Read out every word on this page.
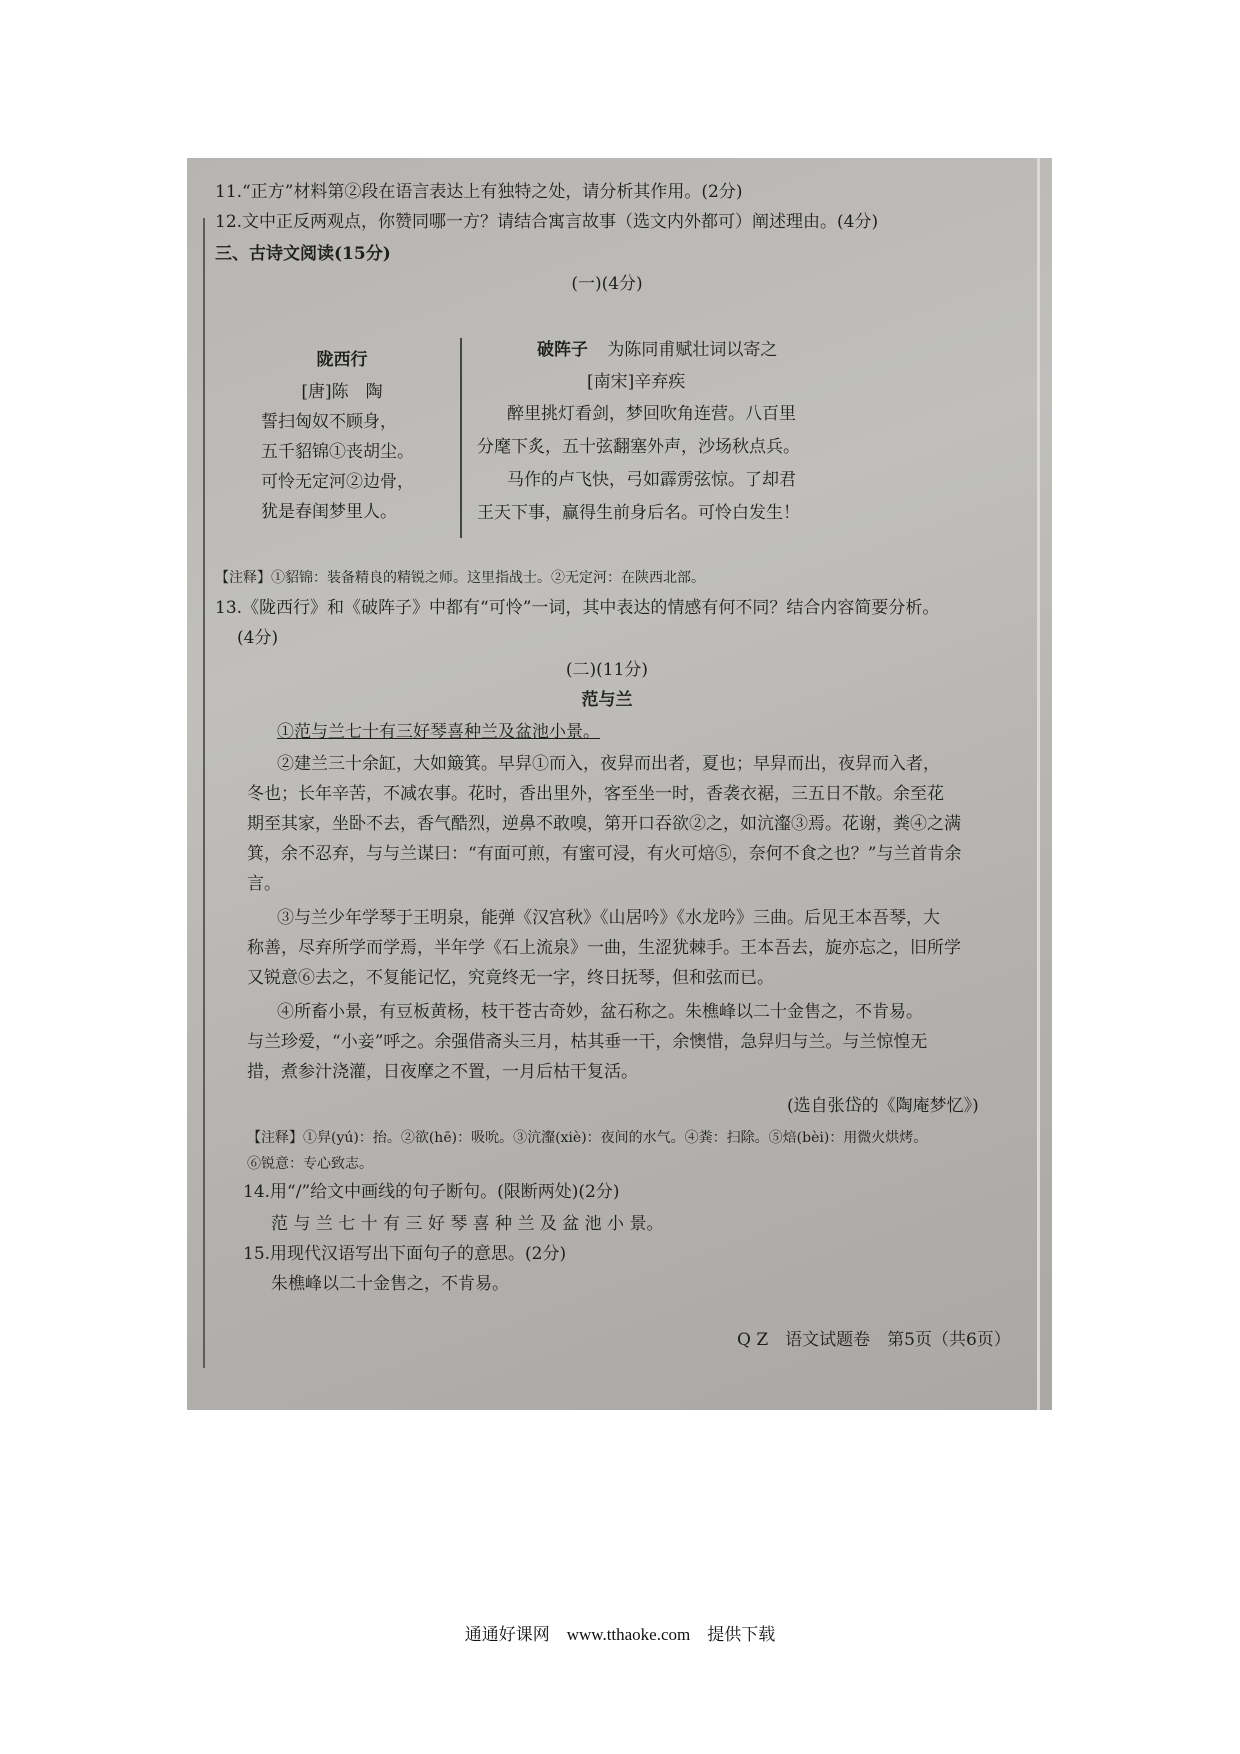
11.“正方”材料第②段在语言表达上有独特之处，请分析其作用。(2分)
12.文中正反两观点，你赞同哪一方？请结合寓言故事（选文内外都可）阐述理由。(4分)
三、古诗文阅读(15分)
(一)(4分)
陇西行
[唐]陈　陶
誓扫匈奴不顾身，
五千貂锦①丧胡尘。
可怜无定河②边骨，
犹是春闺梦里人。
破阵子 为陈同甫赋壮词以寄之
[南宋]辛弃疾
醉里挑灯看剑，梦回吹角连营。八百里
分麾下炙，五十弦翻塞外声，沙场秋点兵。
马作的卢飞快，弓如霹雳弦惊。了却君
王天下事，赢得生前身后名。可怜白发生！
【注释】①貂锦：装备精良的精锐之师。这里指战士。②无定河：在陕西北部。
13.《陇西行》和《破阵子》中都有“可怜”一词，其中表达的情感有何不同？结合内容简要分析。
(4分)
(二)(11分)
范与兰
①范与兰七十有三好琴喜种兰及盆池小景。
②建兰三十余缸，大如簸箕。早舁①而入，夜舁而出者，夏也；早舁而出，夜舁而入者，
冬也；长年辛苦，不减农事。花时，香出里外，客至坐一时，香袭衣裾，三五日不散。余至花
期至其家，坐卧不去，香气酷烈，逆鼻不敢嗅，第开口吞欲②之，如沆瀣③焉。花谢，粪④之满
箕，余不忍弃，与与兰谋曰：“有面可煎，有蜜可浸，有火可焙⑤，奈何不食之也？”与兰首肯余
言。
③与兰少年学琴于王明泉，能弹《汉宫秋》《山居吟》《水龙吟》三曲。后见王本吾琴，大
称善，尽弃所学而学焉，半年学《石上流泉》一曲，生涩犹棘手。王本吾去，旋亦忘之，旧所学
又锐意⑥去之，不复能记忆，究竟终无一字，终日抚琴，但和弦而已。
④所畜小景，有豆板黄杨，枝干苍古奇妙，盆石称之。朱樵峰以二十金售之，不肯易。
与兰珍爱，“小妾”呼之。余强借斋头三月，枯其垂一干，余懊惜，急舁归与兰。与兰惊惶无
措，煮参汁浇灌，日夜摩之不置，一月后枯干复活。
(选自张岱的《陶庵梦忆》)
【注释】①舁(yú)：抬。②欲(hē)：吸吮。③沆瀣(xiè)：夜间的水气。④粪：扫除。⑤焙(bèi)：用微火烘烤。
⑥锐意：专心致志。
14.用“/”给文中画线的句子断句。(限断两处)(2分)
范 与 兰 七 十 有 三 好 琴 喜 种 兰 及 盆 池 小 景。
15.用现代汉语写出下面句子的意思。(2分)
朱樵峰以二十金售之，不肯易。
Q Z　语文试题卷　第5页（共6页）
通通好课网　www.tthaoke.com　提供下载
